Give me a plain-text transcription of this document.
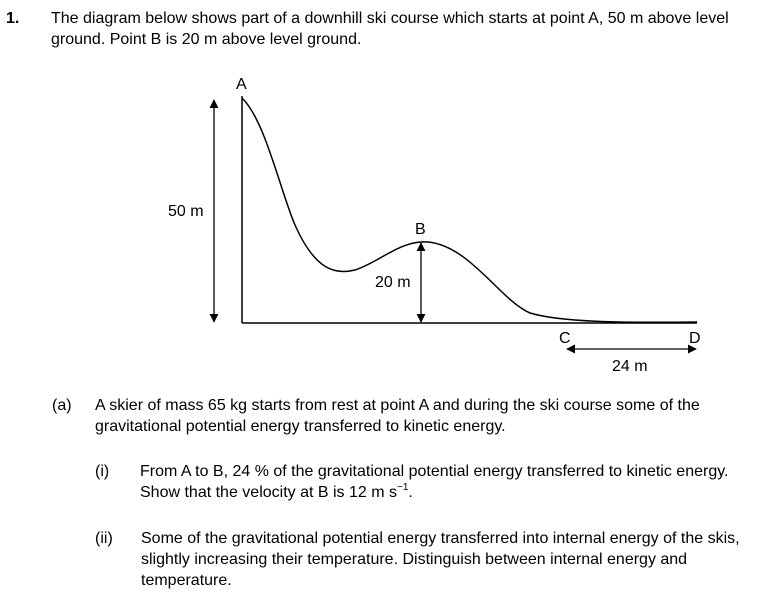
1. The diagram below shows part of a downhill ski course which starts at point A, 50 m above level ground. Point B is 20 m above level ground.
A
B
C	D
50 m
20 m
24 m
(a) A skier of mass 65 kg starts from rest at point A and during the ski course some of the gravitational potential energy transferred to kinetic energy.
(i) From A to B, 24 % of the gravitational potential energy transferred to kinetic energy. Show that the velocity at B is 12 m $s^{-1}$.
(ii) Some of the gravitational potential energy transferred into internal energy of the skis, slightly increasing their temperature. Distinguish between internal energy and temperature.
